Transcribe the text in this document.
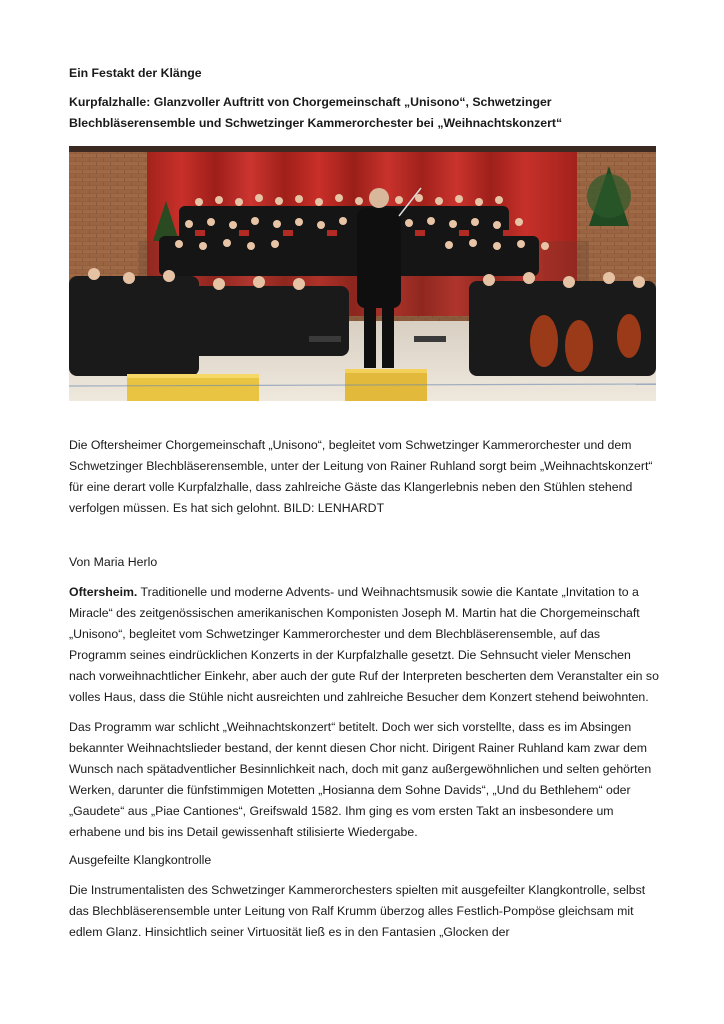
Ein Festakt der Klänge

Kurpfalzhalle: Glanzvoller Auftritt von Chorgemeinschaft „Unisono“, Schwetzinger
Blechbläserensemble und Schwetzinger Kammerorchester bei „Weihnachtskonzert“

Die Oftersheimer Chorgemeinschaft „Unisono“, begleitet vom Schwetzinger Kammerorchester und dem Schwetzinger Blechbläserensemble, unter der Leitung von Rainer Ruhland sorgt beim „Weihnachtskonzert“ für eine derart volle Kurpfalzhalle, dass zahlreiche Gäste das Klangerlebnis neben den Stühlen stehend verfolgen müssen. Es hat sich gelohnt. BILD: LENHARDT

Von Maria Herlo

Oftersheim. Traditionelle und moderne Advents- und Weihnachtsmusik sowie die Kantate „Invitation to a Miracle“ des zeitgenössischen amerikanischen Komponisten Joseph M. Martin hat die Chorgemeinschaft „Unisono“, begleitet vom Schwetzinger Kammerorchester und dem Blechbläserensemble, auf das Programm seines eindrücklichen Konzerts in der Kurpfalzhalle gesetzt. Die Sehnsucht vieler Menschen nach vorweihnachtlicher Einkehr, aber auch der gute Ruf der Interpreten bescherten dem Veranstalter ein so volles Haus, dass die Stühle nicht ausreichten und zahlreiche Besucher dem Konzert stehend beiwohnten.

Das Programm war schlicht „Weihnachtskonzert“ betitelt. Doch wer sich vorstellte, dass es im Absingen bekannter Weihnachtslieder bestand, der kennt diesen Chor nicht. Dirigent Rainer Ruhland kam zwar dem Wunsch nach spätadventlicher Besinnlichkeit nach, doch mit ganz außergewöhnlichen und selten gehörten Werken, darunter die fünfstimmigen Motetten „Hosianna dem Sohne Davids“, „Und du Bethlehem“ oder „Gaudete“ aus „Piae Cantiones“, Greifswald 1582. Ihm ging es vom ersten Takt an insbesondere um erhabene und bis ins Detail gewissenhaft stilisierte Wiedergabe.

Ausgefeilte Klangkontrolle

Die Instrumentalisten des Schwetzinger Kammerorchesters spielten mit ausgefeilter Klangkontrolle, selbst das Blechbläserensemble unter Leitung von Ralf Krumm überzog alles Festlich-Pompöse gleichsam mit edlem Glanz. Hinsichtlich seiner Virtuosität ließ es in den Fantasien „Glocken der
